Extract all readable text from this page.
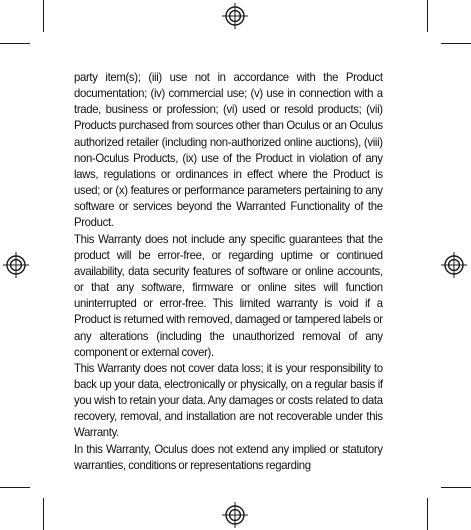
party item(s); (iii) use not in accordance with the Product documentation; (iv) commercial use; (v) use in connection with a trade, business or profession; (vi) used or resold products; (vii) Products purchased from sources other than Oculus or an Oculus authorized retailer (including non-authorized online auctions), (viii) non-Oculus Products, (ix) use of the Product in violation of any laws, regulations or ordinances in effect where the Product is used; or (x) features or performance parameters pertaining to any software or services beyond the Warranted Functionality of the Product.

This Warranty does not include any specific guarantees that the product will be error-free, or regarding uptime or continued availability, data security features of software or online accounts, or that any software, firmware or online sites will function uninterrupted or error-free. This limited warranty is void if a Product is returned with removed, damaged or tampered labels or any alterations (including the unauthorized removal of any component or external cover).

This Warranty does not cover data loss; it is your responsibility to back up your data, electronically or physically, on a regular basis if you wish to retain your data. Any damages or costs related to data recovery, removal, and installation are not recoverable under this Warranty.

In this Warranty, Oculus does not extend any implied or statutory warranties, conditions or representations regarding
